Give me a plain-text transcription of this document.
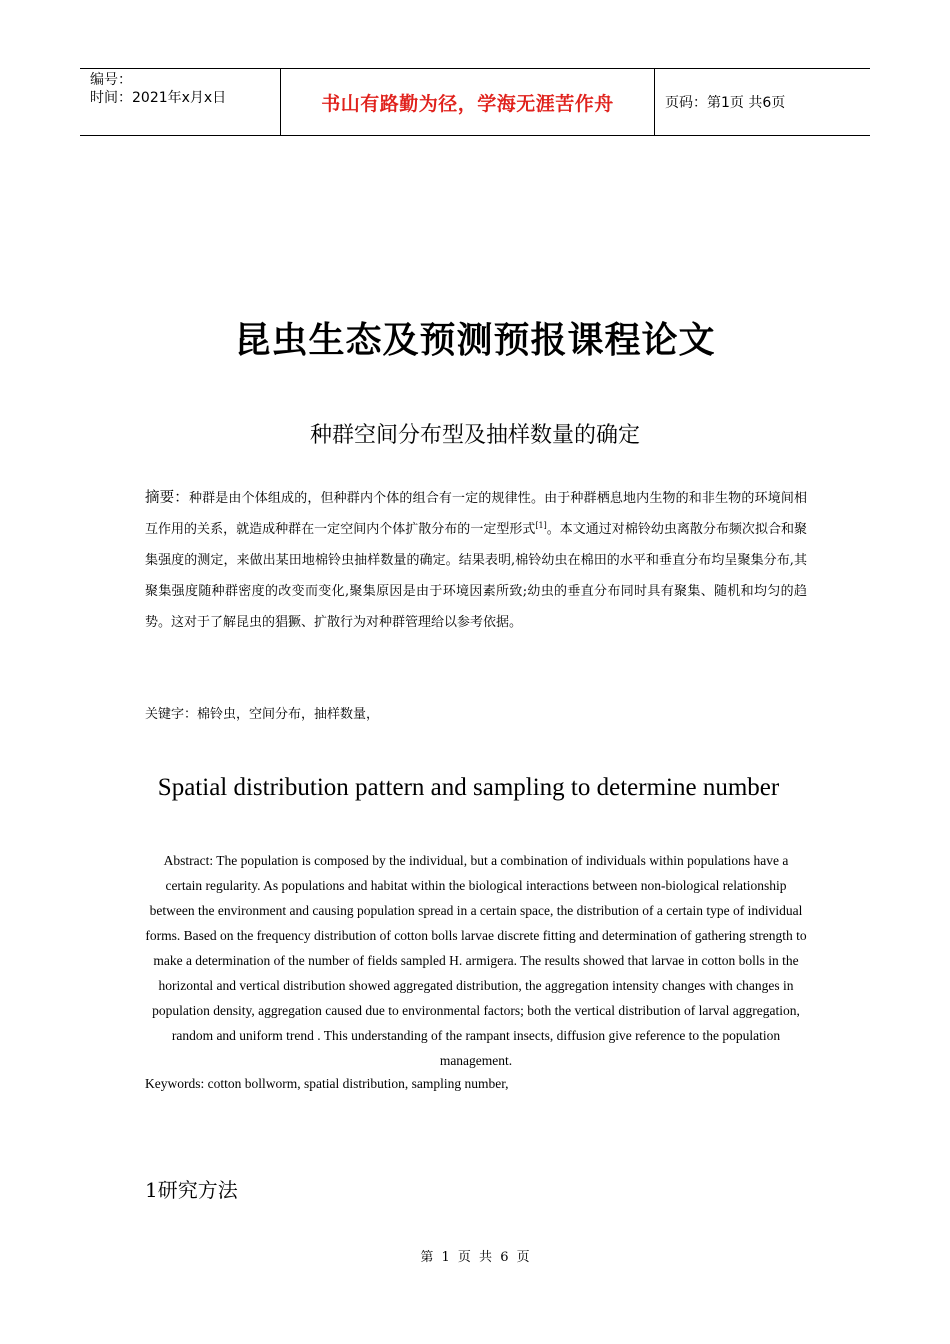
编号：
时间：2021年x月x日	书山有路勤为径，学海无涯苦作舟	页码：第1页 共6页
昆虫生态及预测预报课程论文
种群空间分布型及抽样数量的确定
摘要：种群是由个体组成的，但种群内个体的组合有一定的规律性。由于种群栖息地内生物的和非生物的环境间相互作用的关系，就造成种群在一定空间内个体扩散分布的一定型形式[1]。本文通过对棉铃幼虫离散分布频次拟合和聚集强度的测定，来做出某田地棉铃虫抽样数量的确定。结果表明,棉铃幼虫在棉田的水平和垂直分布均呈聚集分布,其聚集强度随种群密度的改变而变化,聚集原因是由于环境因素所致;幼虫的垂直分布同时具有聚集、随机和均匀的趋势。这对于了解昆虫的猖獗、扩散行为对种群管理给以参考依据。
关键字：棉铃虫，空间分布，抽样数量，
Spatial distribution pattern and sampling to determine number
Abstract: The population is composed by the individual, but a combination of individuals within populations have a certain regularity. As populations and habitat within the biological interactions between non-biological relationship between the environment and causing population spread in a certain space, the distribution of a certain type of individual forms. Based on the frequency distribution of cotton bolls larvae discrete fitting and determination of gathering strength to make a determination of the number of fields sampled H. armigera. The results showed that larvae in cotton bolls in the horizontal and vertical distribution showed aggregated distribution, the aggregation intensity changes with changes in population density, aggregation caused due to environmental factors; both the vertical distribution of larval aggregation, random and uniform trend . This understanding of the rampant insects, diffusion give reference to the population management.
Keywords: cotton bollworm, spatial distribution, sampling number,
1研究方法
第 1 页 共 6 页
